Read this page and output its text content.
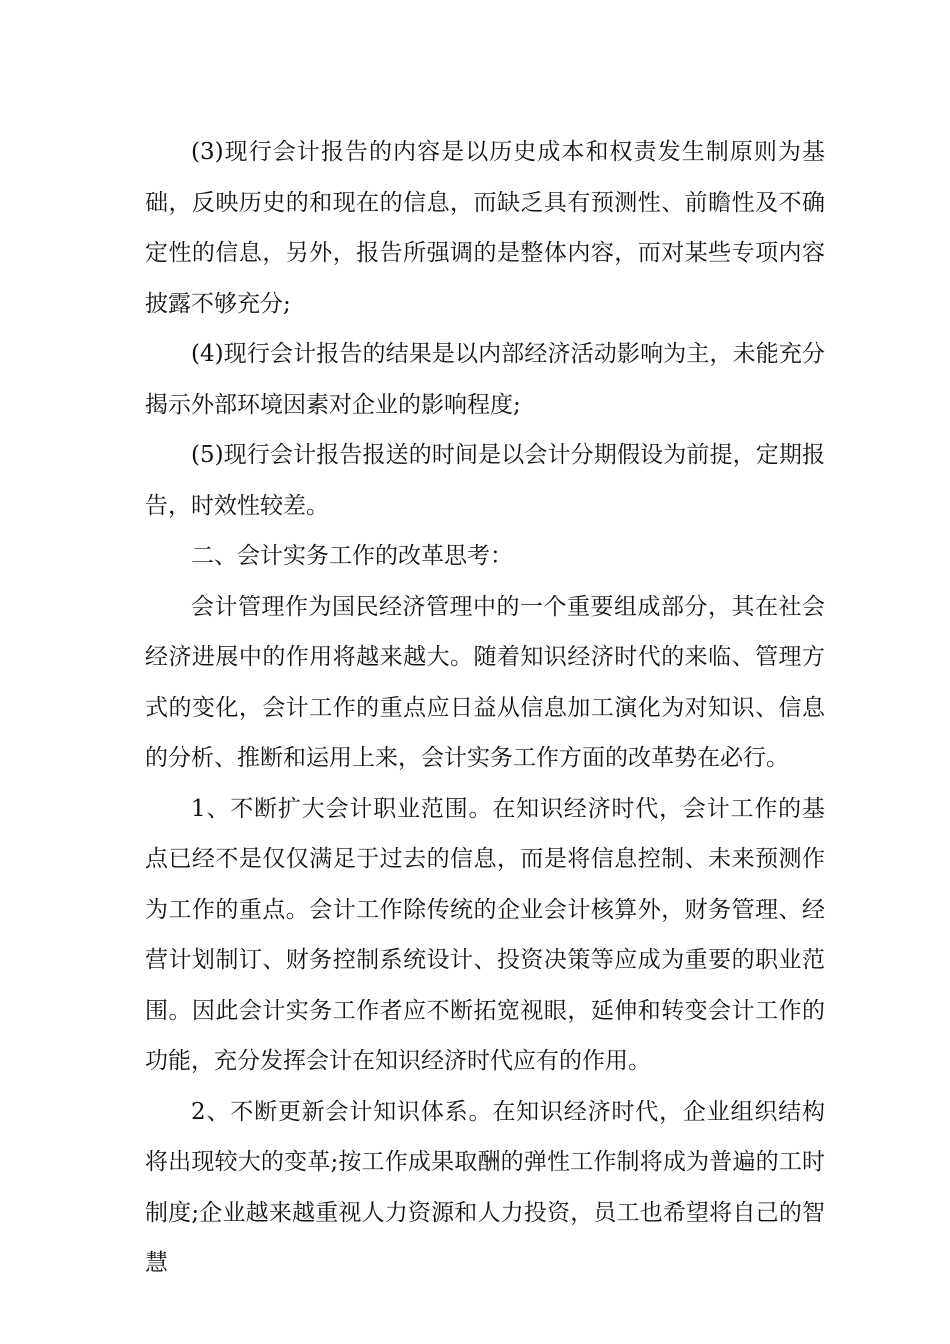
(3)现行会计报告的内容是以历史成本和权责发生制原则为基础，反映历史的和现在的信息，而缺乏具有预测性、前瞻性及不确定性的信息，另外，报告所强调的是整体内容，而对某些专项内容披露不够充分;

(4)现行会计报告的结果是以内部经济活动影响为主，未能充分揭示外部环境因素对企业的影响程度;

(5)现行会计报告报送的时间是以会计分期假设为前提，定期报告，时效性较差。

二、会计实务工作的改革思考：

会计管理作为国民经济管理中的一个重要组成部分，其在社会经济进展中的作用将越来越大。随着知识经济时代的来临、管理方式的变化，会计工作的重点应日益从信息加工演化为对知识、信息的分析、推断和运用上来，会计实务工作方面的改革势在必行。

1、不断扩大会计职业范围。在知识经济时代，会计工作的基点已经不是仅仅满足于过去的信息，而是将信息控制、未来预测作为工作的重点。会计工作除传统的企业会计核算外，财务管理、经营计划制订、财务控制系统设计、投资决策等应成为重要的职业范围。因此会计实务工作者应不断拓宽视眼，延伸和转变会计工作的功能，充分发挥会计在知识经济时代应有的作用。

2、不断更新会计知识体系。在知识经济时代，企业组织结构将出现较大的变革;按工作成果取酬的弹性工作制将成为普遍的工时制度;企业越来越重视人力资源和人力投资，员工也希望将自己的智慧
